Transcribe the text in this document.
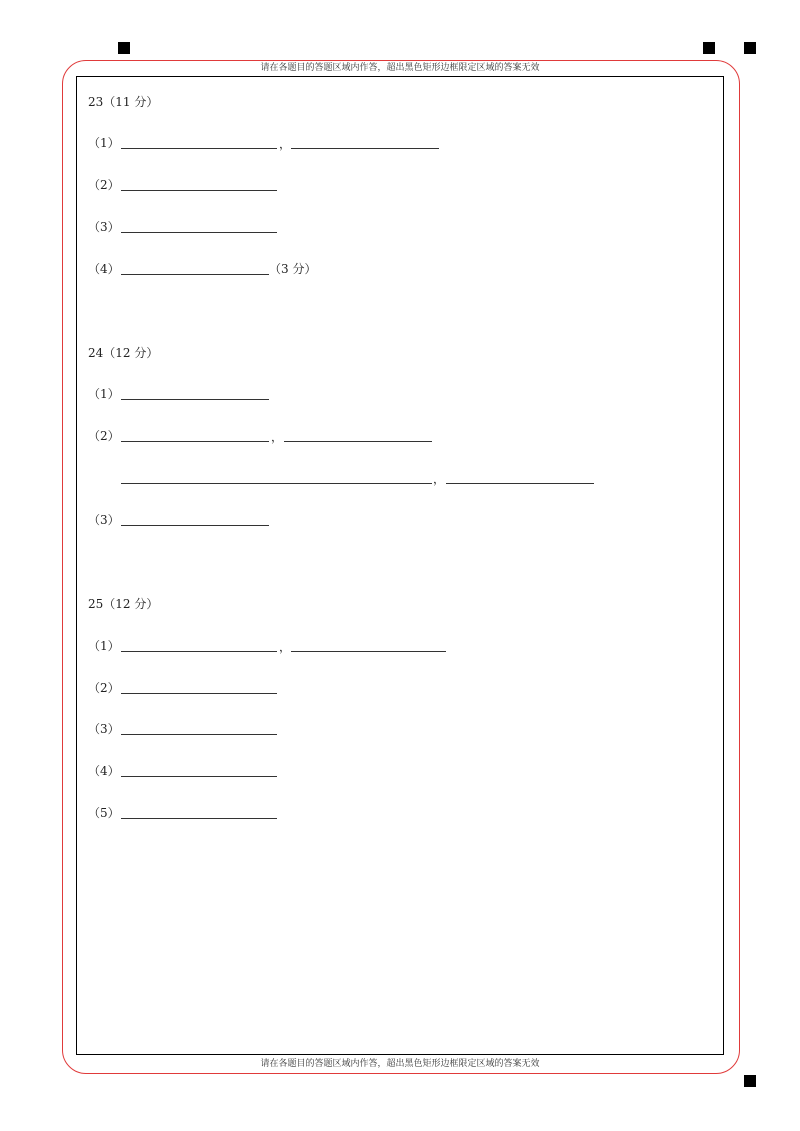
请在各题目的答题区域内作答，超出黑色矩形边框限定区域的答案无效
请在各题目的答题区域内作答，超出黑色矩形边框限定区域的答案无效
23（11 分）
（1）	，
（2）
（3）
（4）	（3 分）
24（12 分）
（1）
（2）	，
，
（3）
25（12 分）
（1）	，
（2）
（3）
（4）
（5）
